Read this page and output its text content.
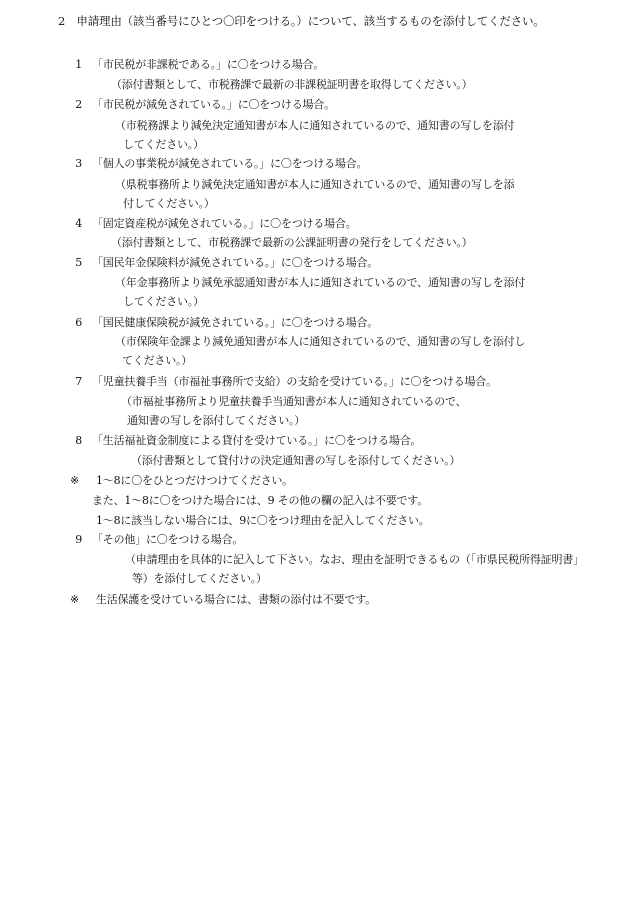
2　申請理由（該当番号にひとつ〇印をつける。）について、該当するものを添付してください。
1 「市民税が非課税である。」に〇をつける場合。
（添付書類として、市税務課で最新の非課税証明書を取得してください。）
2 「市民税が減免されている。」に〇をつける場合。
（市税務課より減免決定通知書が本人に通知されているので、通知書の写しを添付
してください。）
3 「個人の事業税が減免されている。」に〇をつける場合。
（県税事務所より減免決定通知書が本人に通知されているので、通知書の写しを添
付してください。）
4 「固定資産税が減免されている。」に〇をつける場合。
（添付書類として、市税務課で最新の公課証明書の発行をしてください。）
5 「国民年金保険料が減免されている。」に〇をつける場合。
（年金事務所より減免承認通知書が本人に通知されているので、通知書の写しを添付
してください。）
6 「国民健康保険税が減免されている。」に〇をつける場合。
（市保険年金課より減免通知書が本人に通知されているので、通知書の写しを添付し
てください。）
7 「児童扶養手当（市福祉事務所で支給）の支給を受けている。」に〇をつける場合。
（市福祉事務所より児童扶養手当通知書が本人に通知されているので、
通知書の写しを添付してください。）
8 「生活福祉資金制度による貸付を受けている。」に〇をつける場合。
（添付書類として貸付けの決定通知書の写しを添付してください。）
※ 1～8に〇をひとつだけつけてください。
また、1～8に〇をつけた場合には、9 その他の欄の記入は不要です。
1～8に該当しない場合には、9に〇をつけ理由を記入してください。
9 「その他」に〇をつける場合。
（申請理由を具体的に記入して下さい。なお、理由を証明できるもの（「市県民税所得証明書」
等）を添付してください。）
※ 生活保護を受けている場合には、書類の添付は不要です。
